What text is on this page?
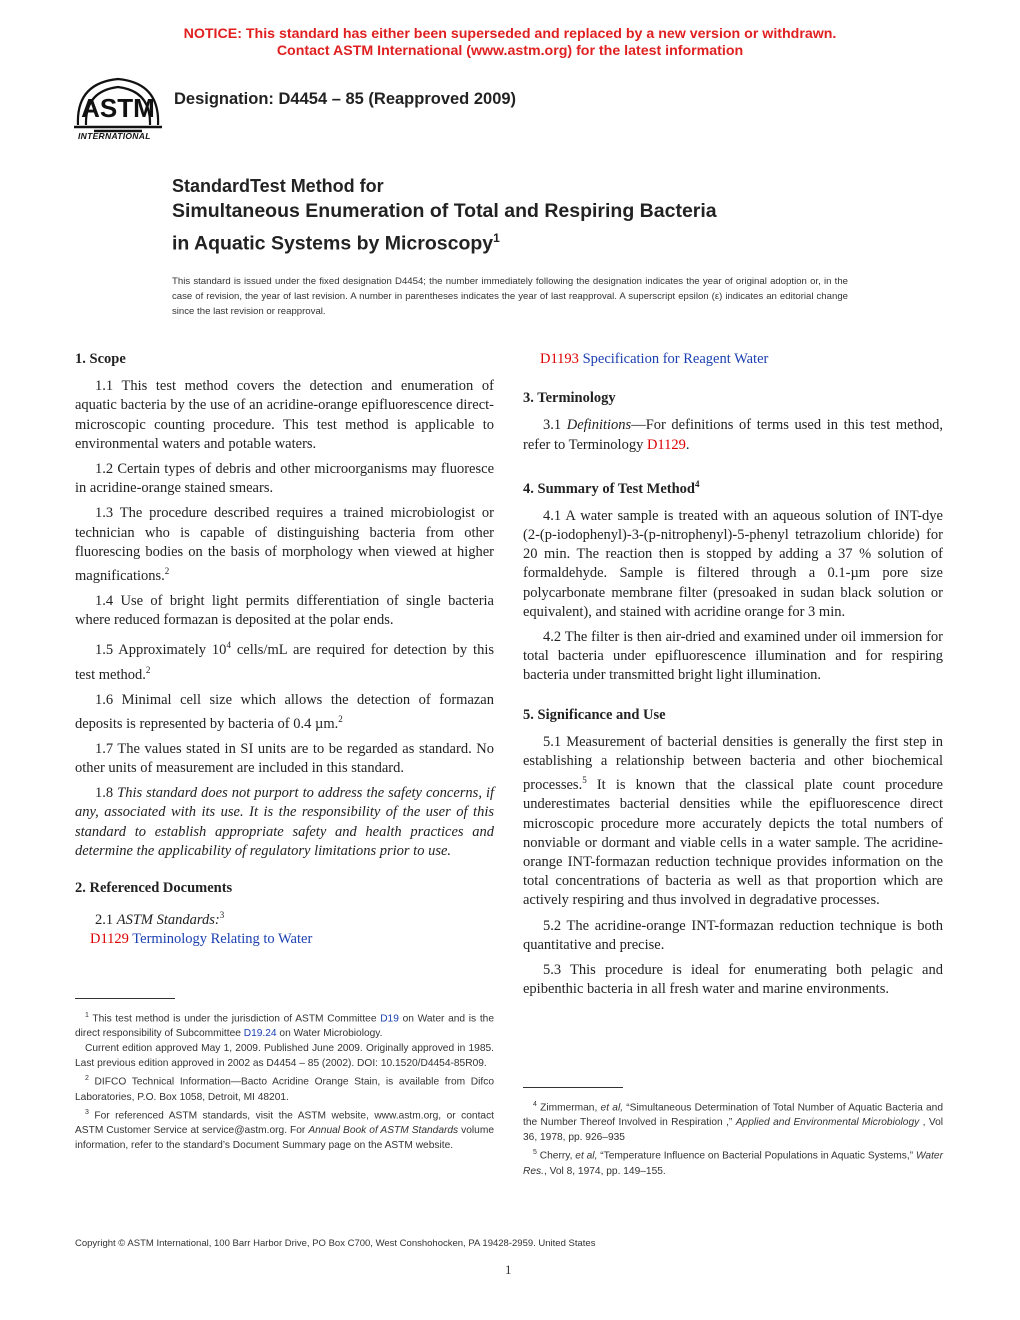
NOTICE: This standard has either been superseded and replaced by a new version or withdrawn.
Contact ASTM International (www.astm.org) for the latest information
ASTM
INTERNATIONAL
Designation: D4454 – 85 (Reapproved 2009)
StandardTest Method for
Simultaneous Enumeration of Total and Respiring Bacteria
in Aquatic Systems by Microscopy$^1$
This standard is issued under the fixed designation D4454; the number immediately following the designation indicates the year of original adoption or, in the case of revision, the year of last revision. A number in parentheses indicates the year of last reapproval. A superscript epsilon (ε) indicates an editorial change since the last revision or reapproval.
1. Scope

1.1 This test method covers the detection and enumeration of aquatic bacteria by the use of an acridine-orange epifluorescence direct-microscopic counting procedure. This test method is applicable to environmental waters and potable waters.

1.2 Certain types of debris and other microorganisms may fluoresce in acridine-orange stained smears.

1.3 The procedure described requires a trained microbiologist or technician who is capable of distinguishing bacteria from other fluorescing bodies on the basis of morphology when viewed at higher magnifications.$^2$

1.4 Use of bright light permits differentiation of single bacteria where reduced formazan is deposited at the polar ends.

1.5 Approximately $10^4$ cells/mL are required for detection by this test method.$^2$

1.6 Minimal cell size which allows the detection of formazan deposits is represented by bacteria of 0.4 µm.$^2$

1.7 The values stated in SI units are to be regarded as standard. No other units of measurement are included in this standard.

1.8 This standard does not purport to address the safety concerns, if any, associated with its use. It is the responsibility of the user of this standard to establish appropriate safety and health practices and determine the applicability of regulatory limitations prior to use.

2. Referenced Documents

2.1 ASTM Standards:$^3$

D1129 Terminology Relating to Water
D1193 Specification for Reagent Water
3. Terminology

3.1 Definitions—For definitions of terms used in this test method, refer to Terminology D1129.

4. Summary of Test Method$^4$

4.1 A water sample is treated with an aqueous solution of INT-dye (2-(p-iodophenyl)-3-(p-nitrophenyl)-5-phenyl tetrazolium chloride) for 20 min. The reaction then is stopped by adding a 37 % solution of formaldehyde. Sample is filtered through a 0.1-µm pore size polycarbonate membrane filter (presoaked in sudan black solution or equivalent), and stained with acridine orange for 3 min.

4.2 The filter is then air-dried and examined under oil immersion for total bacteria under epifluorescence illumination and for respiring bacteria under transmitted bright light illumination.

5. Significance and Use

5.1 Measurement of bacterial densities is generally the first step in establishing a relationship between bacteria and other biochemical processes.$^5$ It is known that the classical plate count procedure underestimates bacterial densities while the epifluorescence direct microscopic procedure more accurately depicts the total numbers of nonviable or dormant and viable cells in a water sample. The acridine-orange INT-formazan reduction technique provides information on the total concentrations of bacteria as well as that proportion which are actively respiring and thus involved in degradative processes.

5.2 The acridine-orange INT-formazan reduction technique is both quantitative and precise.

5.3 This procedure is ideal for enumerating both pelagic and epibenthic bacteria in all fresh water and marine environments.

$^1$ This test method is under the jurisdiction of ASTM Committee D19 on Water and is the direct responsibility of Subcommittee D19.24 on Water Microbiology.
Current edition approved May 1, 2009. Published June 2009. Originally approved in 1985. Last previous edition approved in 2002 as D4454 – 85 (2002). DOI: 10.1520/D4454-85R09.
$^2$ DIFCO Technical Information—Bacto Acridine Orange Stain, is available from Difco Laboratories, P.O. Box 1058, Detroit, MI 48201.
$^3$ For referenced ASTM standards, visit the ASTM website, www.astm.org, or contact ASTM Customer Service at service@astm.org. For Annual Book of ASTM Standards volume information, refer to the standard’s Document Summary page on the ASTM website.
$^4$ Zimmerman, et al, “Simultaneous Determination of Total Number of Aquatic Bacteria and the Number Thereof Involved in Respiration ,” Applied and Environmental Microbiology , Vol 36, 1978, pp. 926–935
$^5$ Cherry, et al, “Temperature Influence on Bacterial Populations in Aquatic Systems,” Water Res., Vol 8, 1974, pp. 149–155.
Copyright © ASTM International, 100 Barr Harbor Drive, PO Box C700, West Conshohocken, PA 19428-2959. United States
1
